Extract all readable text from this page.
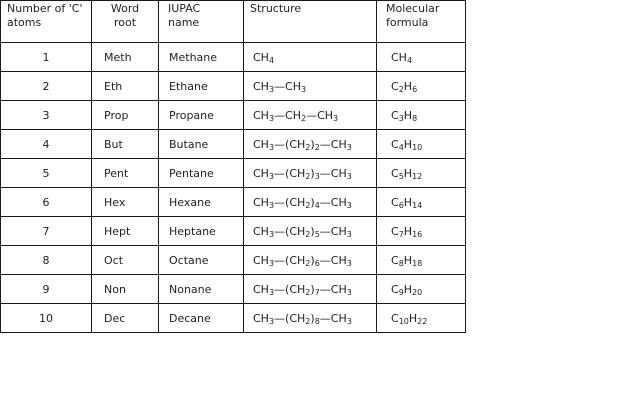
Number of 'C' atoms	Word root	IUPAC name	Structure	Molecular formula

1	Meth	Methane	$CH_4$	$CH_4$
2	Eth	Ethane	$CH_3—CH_3$	$C_2H_6$
3	Prop	Propane	$CH_3—CH_2—CH_3$	$C_3H_8$
4	But	Butane	$CH_3—(CH_2)_2—CH_3$	$C_4H_{10}$
5	Pent	Pentane	$CH_3—(CH_2)_3—CH_3$	$C_5H_{12}$
6	Hex	Hexane	$CH_3—(CH_2)_4—CH_3$	$C_6H_{14}$
7	Hept	Heptane	$CH_3—(CH_2)_5—CH_3$	$C_7H_{16}$
8	Oct	Octane	$CH_3—(CH_2)_6—CH_3$	$C_8H_{18}$
9	Non	Nonane	$CH_3—(CH_2)_7—CH_3$	$C_9H_{20}$
10	Dec	Decane	$CH_3—(CH_2)_8—CH_3$	$C_{10}H_{22}$
